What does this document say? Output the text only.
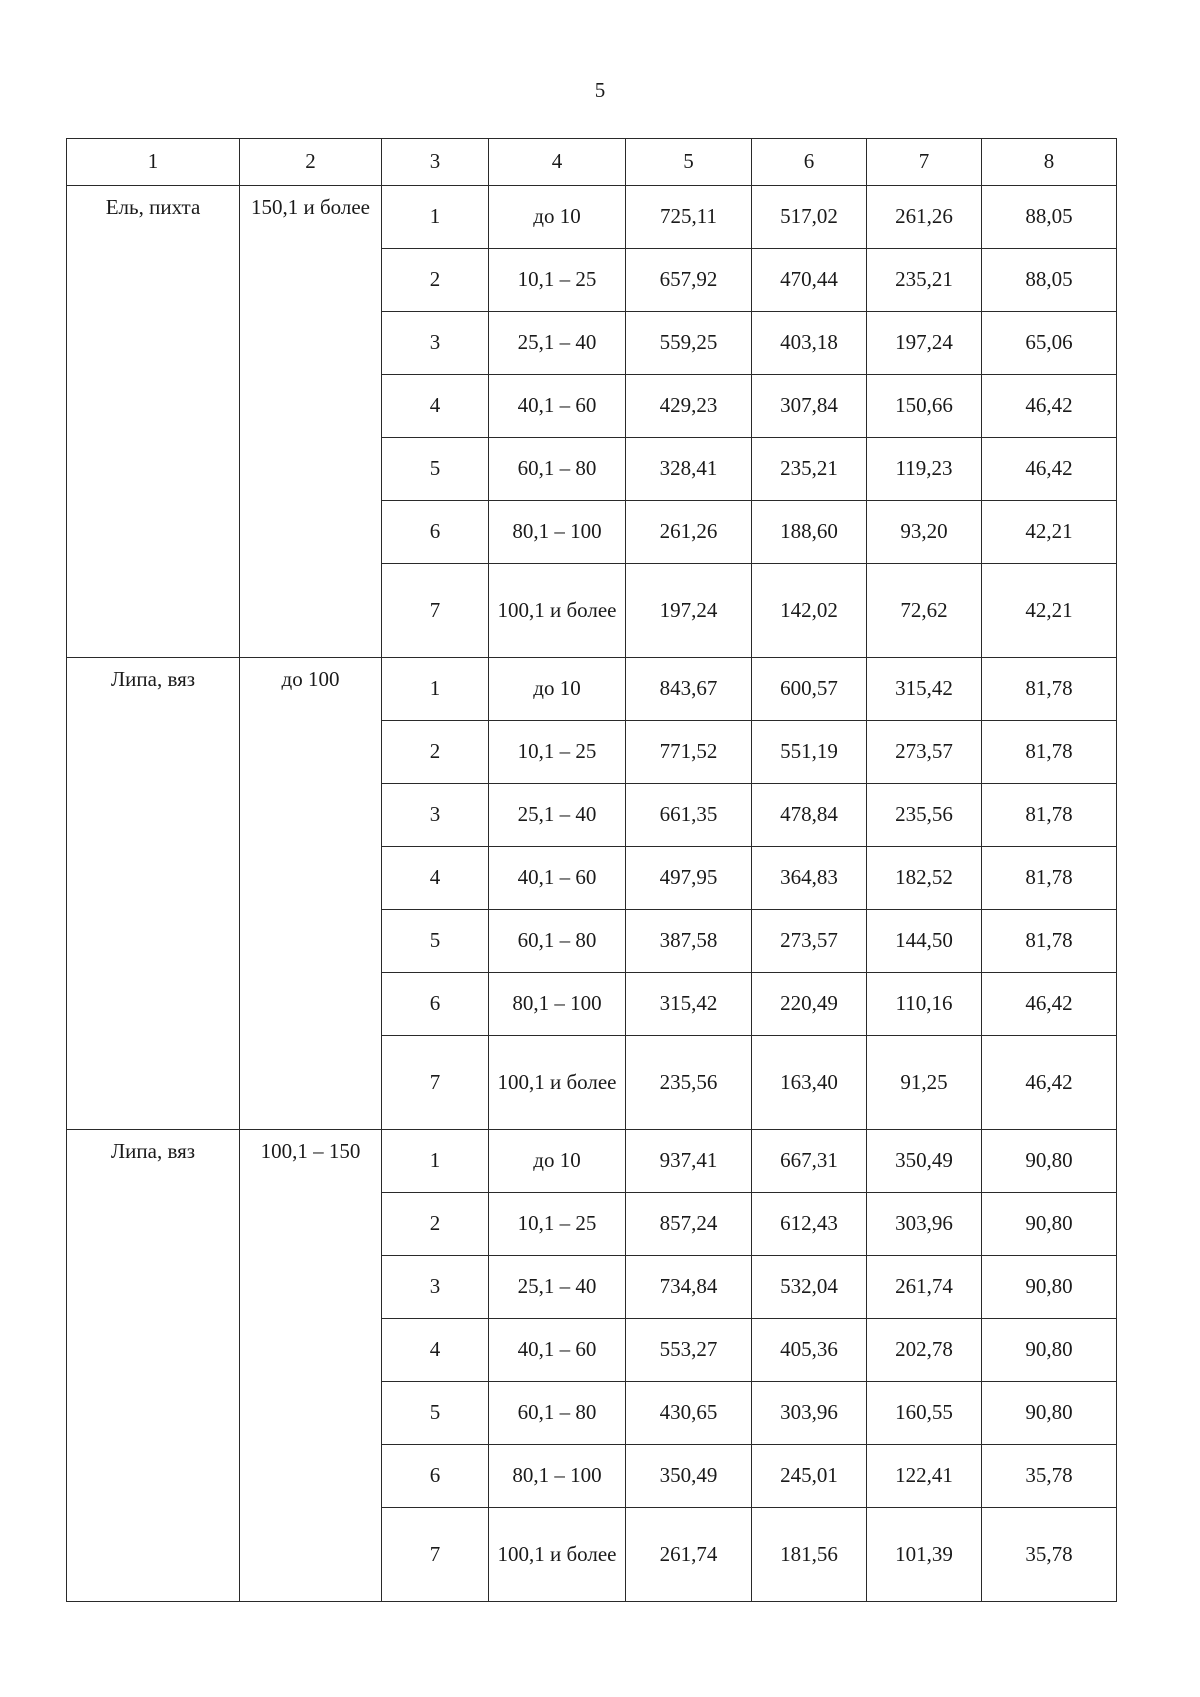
5
1	2	3	4	5	6	7	8
Ель, пихта	150,1 и более	1	до 10	725,11	517,02	261,26	88,05
		2	10,1 – 25	657,92	470,44	235,21	88,05
		3	25,1 – 40	559,25	403,18	197,24	65,06
		4	40,1 – 60	429,23	307,84	150,66	46,42
		5	60,1 – 80	328,41	235,21	119,23	46,42
		6	80,1 – 100	261,26	188,60	93,20	42,21
		7	100,1 и более	197,24	142,02	72,62	42,21
Липа, вяз	до 100	1	до 10	843,67	600,57	315,42	81,78
		2	10,1 – 25	771,52	551,19	273,57	81,78
		3	25,1 – 40	661,35	478,84	235,56	81,78
		4	40,1 – 60	497,95	364,83	182,52	81,78
		5	60,1 – 80	387,58	273,57	144,50	81,78
		6	80,1 – 100	315,42	220,49	110,16	46,42
		7	100,1 и более	235,56	163,40	91,25	46,42
Липа, вяз	100,1 – 150	1	до 10	937,41	667,31	350,49	90,80
		2	10,1 – 25	857,24	612,43	303,96	90,80
		3	25,1 – 40	734,84	532,04	261,74	90,80
		4	40,1 – 60	553,27	405,36	202,78	90,80
		5	60,1 – 80	430,65	303,96	160,55	90,80
		6	80,1 – 100	350,49	245,01	122,41	35,78
		7	100,1 и более	261,74	181,56	101,39	35,78
